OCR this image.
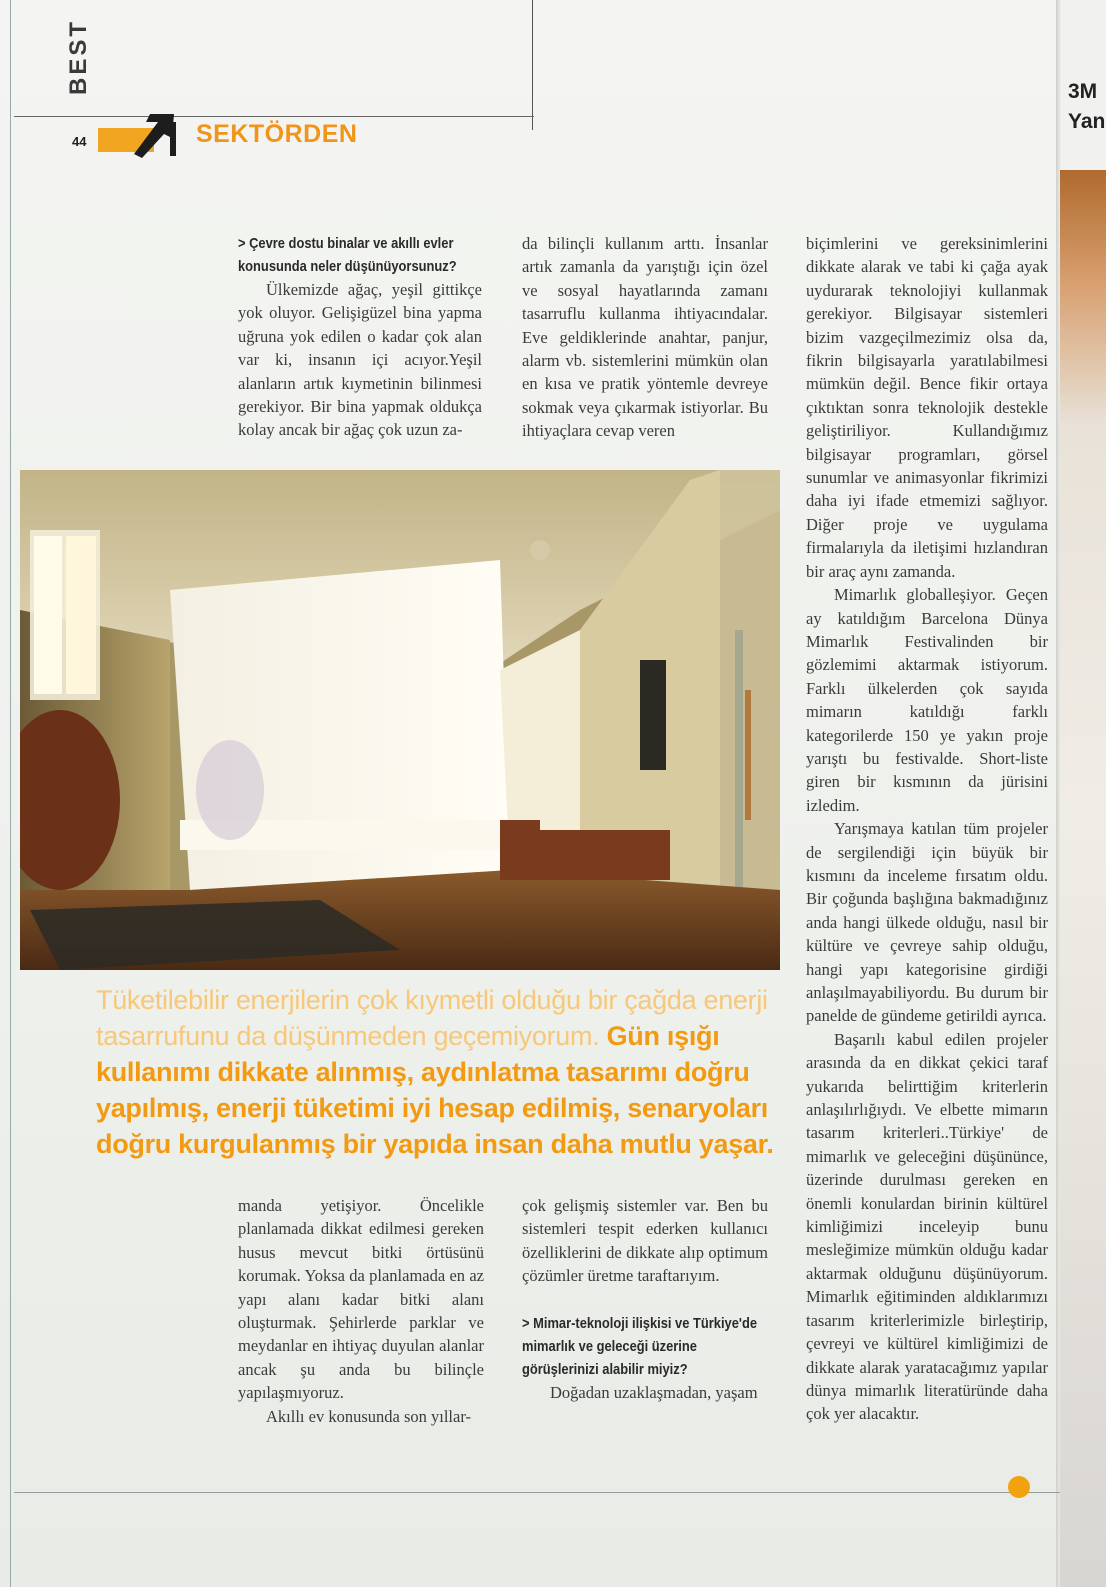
3M
Yan
BEST
44	SEKTÖRDEN

> Çevre dostu binalar ve akıllı evler konusunda neler düşünüyorsunuz?

Ülkemizde ağaç, yeşil gittikçe yok oluyor. Gelişigüzel bina yapma uğruna yok edilen o kadar çok alan var ki, insanın içi acıyor.Yeşil alanların artık kıymetinin bilinmesi gerekiyor. Bir bina yapmak oldukça kolay ancak bir ağaç çok uzun za-

da bilinçli kullanım arttı. İnsanlar artık zamanla da yarıştığı için özel ve sosyal hayatlarında zamanı tasarruflu kullanma ihtiyacındalar. Eve geldiklerinde anahtar, panjur, alarm vb. sistemlerini mümkün olan en kısa ve pratik yöntemle devreye sokmak veya çıkarmak istiyorlar. Bu ihtiyaçlara cevap veren

biçimlerini ve gereksinimlerini dikkate alarak ve tabi ki çağa ayak uydurarak teknolojiyi kullanmak gerekiyor. Bilgisayar sistemleri bizim vazgeçilmezimiz olsa da, fikrin bilgisayarla yaratılabilmesi mümkün değil. Bence fikir ortaya çıktıktan sonra teknolojik destekle geliştiriliyor. Kullandığımız bilgisayar programları, görsel sunumlar ve animasyonlar fikrimizi daha iyi ifade etmemizi sağlıyor. Diğer proje ve uygulama firmalarıyla da iletişimi hızlandıran bir araç aynı zamanda.

Mimarlık globalleşiyor. Geçen ay katıldığım Barcelona Dünya Mimarlık Festivalinden bir gözlemimi aktarmak istiyorum. Farklı ülkelerden çok sayıda mimarın katıldığı farklı kategorilerde 150 ye yakın proje yarıştı bu festivalde. Short-liste giren bir kısmının da jürisini izledim.

Yarışmaya katılan tüm projeler de sergilendiği için büyük bir kısmını da inceleme fırsatım oldu. Bir çoğunda başlığına bakmadığınız anda hangi ülkede olduğu, nasıl bir kültüre ve çevreye sahip olduğu, hangi yapı kategorisine girdiği anlaşılmayabiliyordu. Bu durum bir panelde de gündeme getirildi ayrıca.

Başarılı kabul edilen projeler arasında da en dikkat çekici taraf yukarıda belirttiğim kriterlerin anlaşılırlığıydı. Ve elbette mimarın tasarım kriterleri..Türkiye' de mimarlık ve geleceğini düşününce, üzerinde durulması gereken en önemli konulardan birinin kültürel kimliğimizi inceleyip bunu mesleğimize mümkün olduğu kadar aktarmak olduğunu düşünüyorum. Mimarlık eğitiminden aldıklarımızı tasarım kriterlerimizle birleştirip, çevreyi ve kültürel kimliğimizi de dikkate alarak yaratacağımız yapılar dünya mimarlık literatüründe daha çok yer alacaktır.

Tüketilebilir enerjilerin çok kıymetli olduğu bir çağda enerji tasarrufunu da düşünmeden geçemiyorum. Gün ışığı kullanımı dikkate alınmış, aydınlatma tasarımı doğru yapılmış, enerji tüketimi iyi hesap edilmiş, senaryoları doğru kurgulanmış bir yapıda insan daha mutlu yaşar.

manda yetişiyor. Öncelikle planlamada dikkat edilmesi gereken husus mevcut bitki örtüsünü korumak. Yoksa da planlamada en az yapı alanı kadar bitki alanı oluşturmak. Şehirlerde parklar ve meydanlar en ihtiyaç duyulan alanlar ancak şu anda bu bilinçle yapılaşmıyoruz.

Akıllı ev konusunda son yıllar-

çok gelişmiş sistemler var. Ben bu sistemleri tespit ederken kullanıcı özelliklerini de dikkate alıp optimum çözümler üretme taraftarıyım.

> Mimar-teknoloji ilişkisi ve Türkiye'de mimarlık ve geleceği üzerine görüşlerinizi alabilir miyiz?

Doğadan uzaklaşmadan, yaşam
